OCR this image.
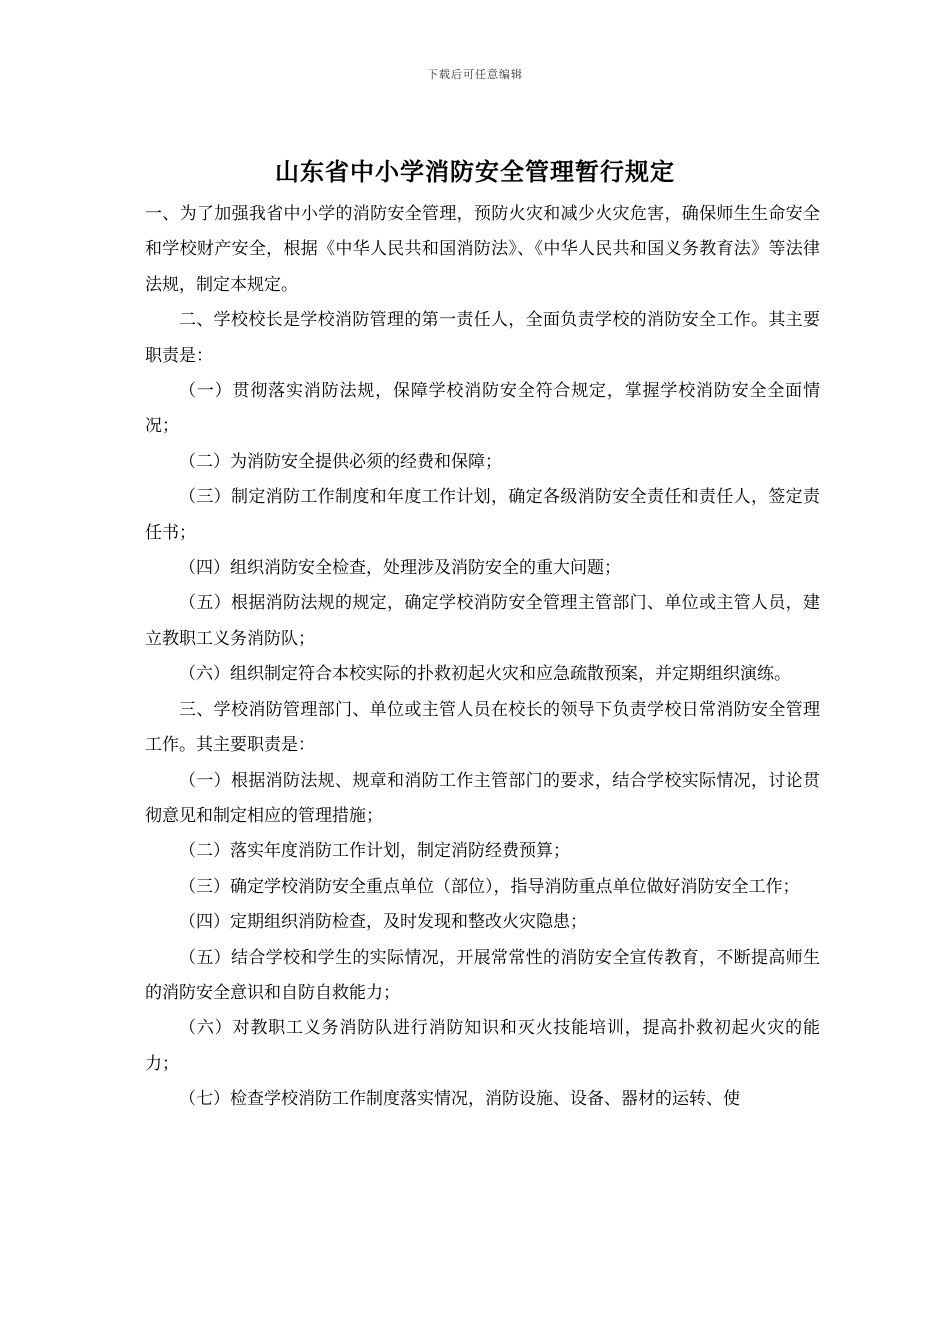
下载后可任意编辑
山东省中小学消防安全管理暂行规定

一、为了加强我省中小学的消防安全管理，预防火灾和减少火灾危害，确保师生生命安全和学校财产安全，根据《中华人民共和国消防法》、《中华人民共和国义务教育法》等法律法规，制定本规定。

二、学校校长是学校消防管理的第一责任人，全面负责学校的消防安全工作。其主要职责是：

（一）贯彻落实消防法规，保障学校消防安全符合规定，掌握学校消防安全全面情况；

（二）为消防安全提供必须的经费和保障；

（三）制定消防工作制度和年度工作计划，确定各级消防安全责任和责任人，签定责任书；

（四）组织消防安全检查，处理涉及消防安全的重大问题；

（五）根据消防法规的规定，确定学校消防安全管理主管部门、单位或主管人员，建立教职工义务消防队；

（六）组织制定符合本校实际的扑救初起火灾和应急疏散预案，并定期组织演练。

三、学校消防管理部门、单位或主管人员在校长的领导下负责学校日常消防安全管理工作。其主要职责是：

（一）根据消防法规、规章和消防工作主管部门的要求，结合学校实际情况，讨论贯彻意见和制定相应的管理措施；

（二）落实年度消防工作计划，制定消防经费预算；

（三）确定学校消防安全重点单位（部位），指导消防重点单位做好消防安全工作；

（四）定期组织消防检查，及时发现和整改火灾隐患；

（五）结合学校和学生的实际情况，开展常常性的消防安全宣传教育，不断提高师生的消防安全意识和自防自救能力；

（六）对教职工义务消防队进行消防知识和灭火技能培训，提高扑救初起火灾的能力；

（七）检查学校消防工作制度落实情况，消防设施、设备、器材的运转、使
